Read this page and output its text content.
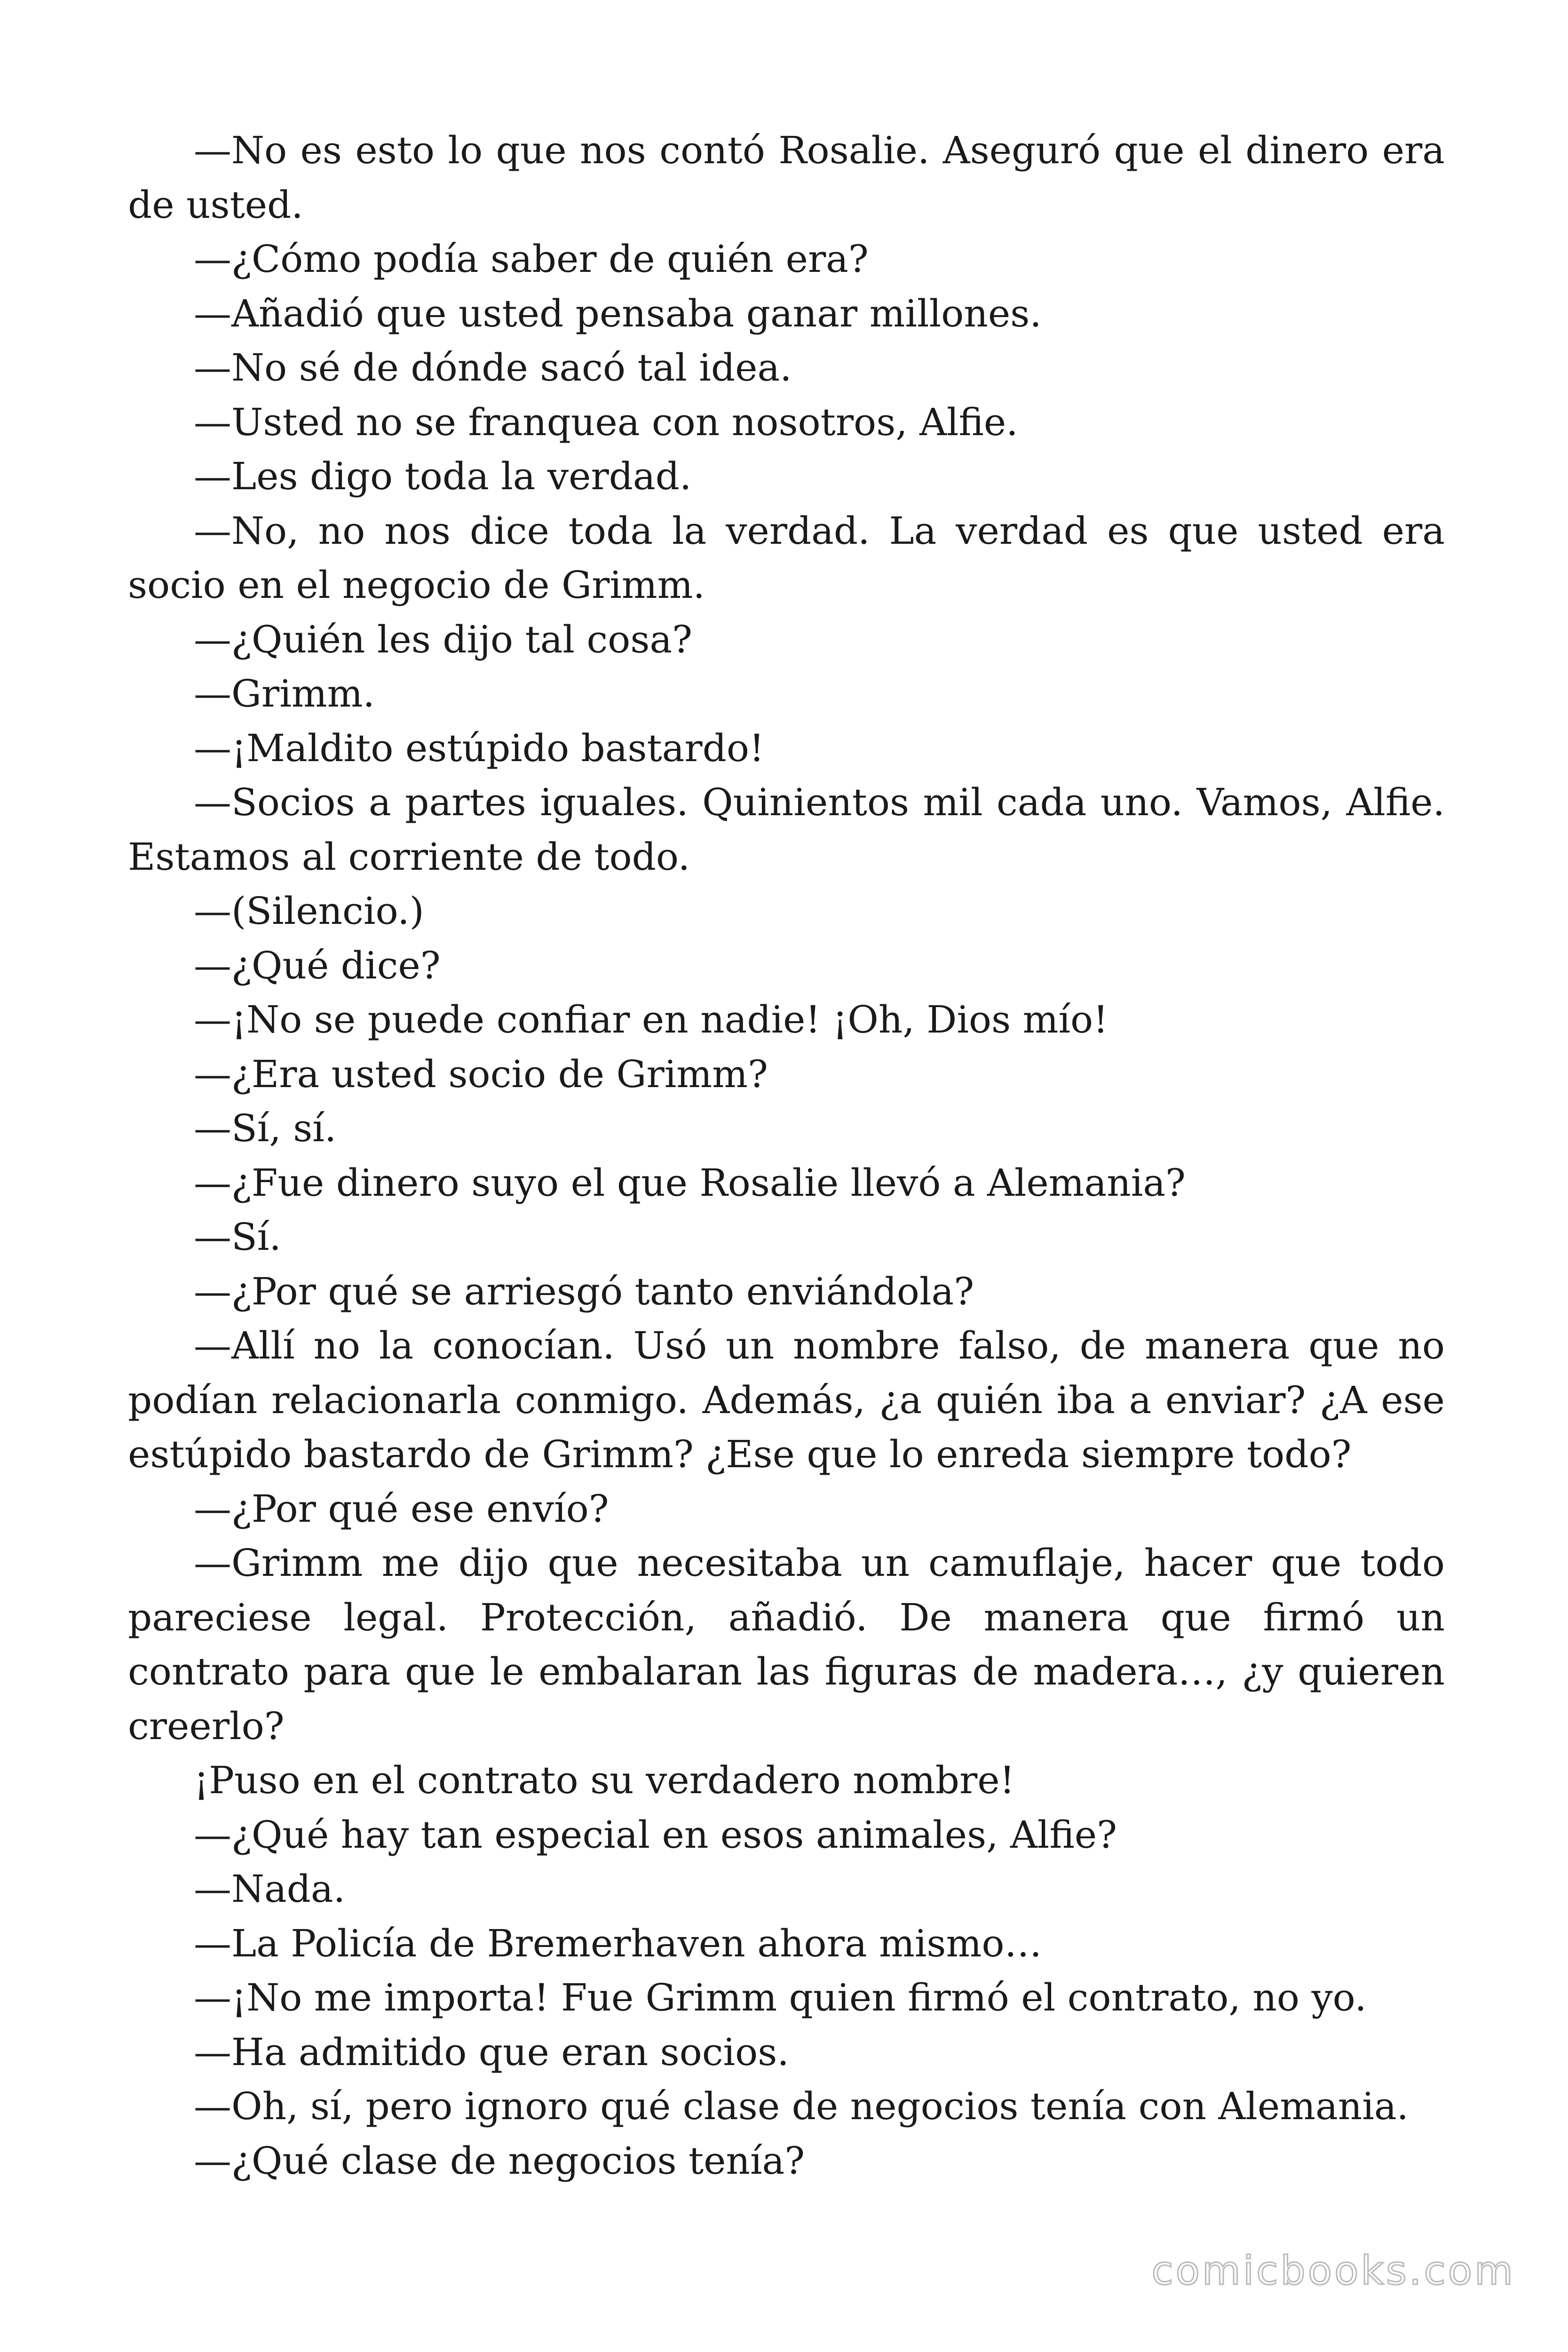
—No es esto lo que nos contó Rosalie. Aseguró que el dinero era de usted.

—¿Cómo podía saber de quién era?

—Añadió que usted pensaba ganar millones.

—No sé de dónde sacó tal idea.

—Usted no se franquea con nosotros, Alfie.

—Les digo toda la verdad.

—No, no nos dice toda la verdad. La verdad es que usted era socio en el negocio de Grimm.

—¿Quién les dijo tal cosa?

—Grimm.

—¡Maldito estúpido bastardo!

—Socios a partes iguales. Quinientos mil cada uno. Vamos, Alfie. Estamos al corriente de todo.

—(Silencio.)

—¿Qué dice?

—¡No se puede confiar en nadie! ¡Oh, Dios mío!

—¿Era usted socio de Grimm?

—Sí, sí.

—¿Fue dinero suyo el que Rosalie llevó a Alemania?

—Sí.

—¿Por qué se arriesgó tanto enviándola?

—Allí no la conocían. Usó un nombre falso, de manera que no podían relacionarla conmigo. Además, ¿a quién iba a enviar? ¿A ese estúpido bastardo de Grimm? ¿Ese que lo enreda siempre todo?

—¿Por qué ese envío?

—Grimm me dijo que necesitaba un camuflaje, hacer que todo pareciese legal. Protección, añadió. De manera que firmó un contrato para que le embalaran las figuras de madera…, ¿y quieren creerlo?

¡Puso en el contrato su verdadero nombre!

—¿Qué hay tan especial en esos animales, Alfie?

—Nada.

—La Policía de Bremerhaven ahora mismo…

—¡No me importa! Fue Grimm quien firmó el contrato, no yo.

—Ha admitido que eran socios.

—Oh, sí, pero ignoro qué clase de negocios tenía con Alemania.

—¿Qué clase de negocios tenía?

comicbooks.com
